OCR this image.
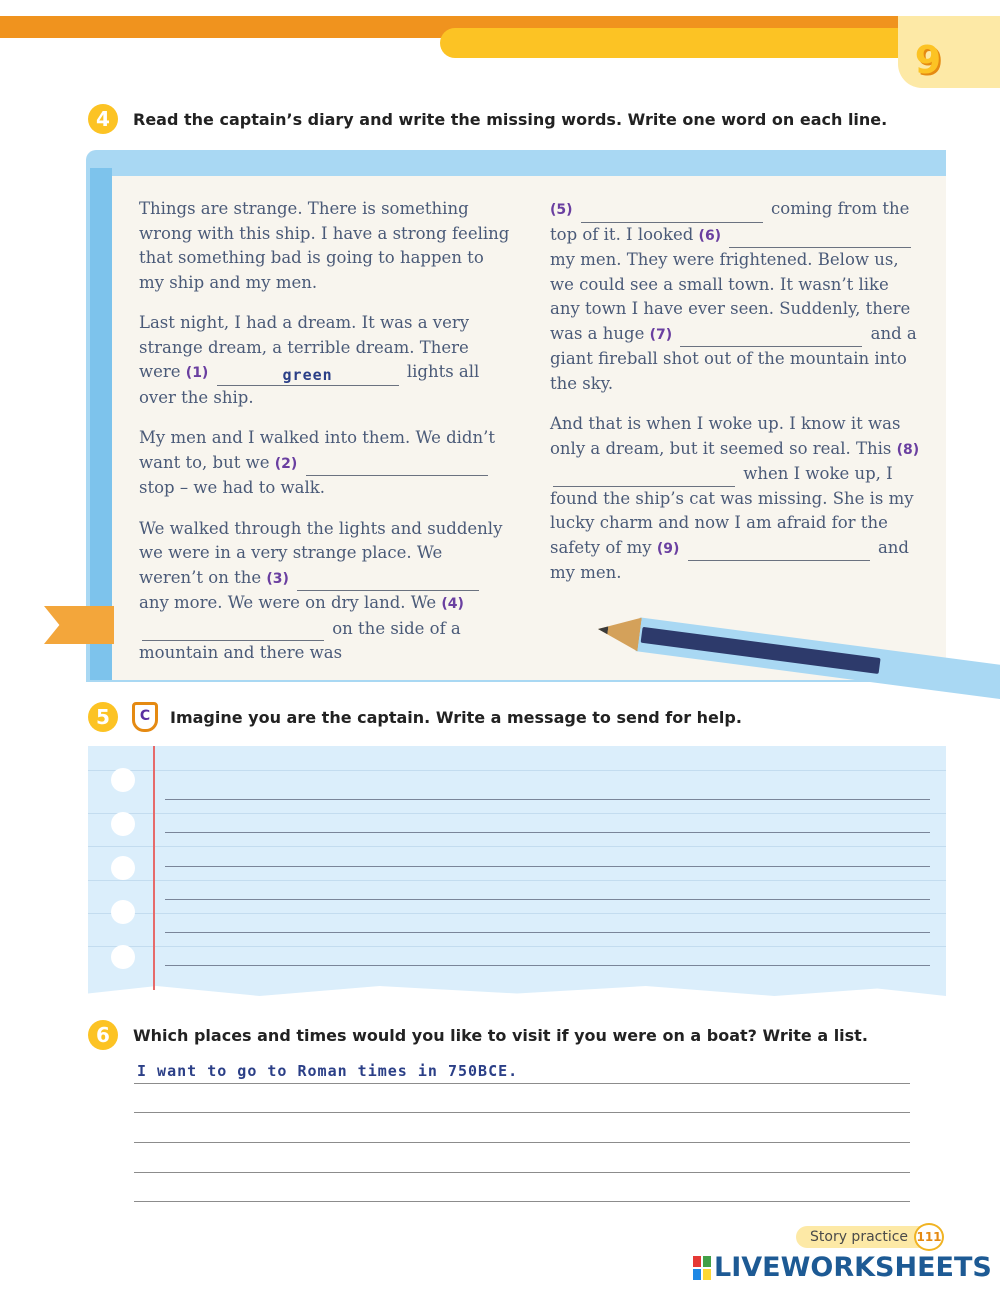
9
4	Read the captain’s diary and write the missing words. Write one word on each line.

Things are strange. There is something wrong with this ship. I have a strong feeling that something bad is going to happen to my ship and my men.

Last night, I had a dream. It was a very strange dream, a terrible dream. There were (1)	green	lights all over the ship.

My men and I walked into them. We didn’t want to, but we (2)  stop – we had to walk.

We walked through the lights and suddenly we were in a very strange place. We weren’t on the (3)  any more. We were on dry land. We (4)  on the side of a mountain and there was

(5)	coming from the top of it. I looked (6)  my men. They were frightened. Below us, we could see a small town. It wasn’t like any town I have ever seen. Suddenly, there was a huge (7)	and a giant fireball shot out of the mountain into the sky.

And that is when I woke up. I know it was only a dream, but it seemed so real. This (8)  when I woke up, I found the ship’s cat was missing. She is my lucky charm and now I am afraid for the safety of my (9)	and my men.

5	C Imagine you are the captain. Write a message to send for help.
6	Which places and times would you like to visit if you were on a boat? Write a list.
I want to go to Roman times in 750BCE.
Story practice 111
LIVEWORKSHEETS
